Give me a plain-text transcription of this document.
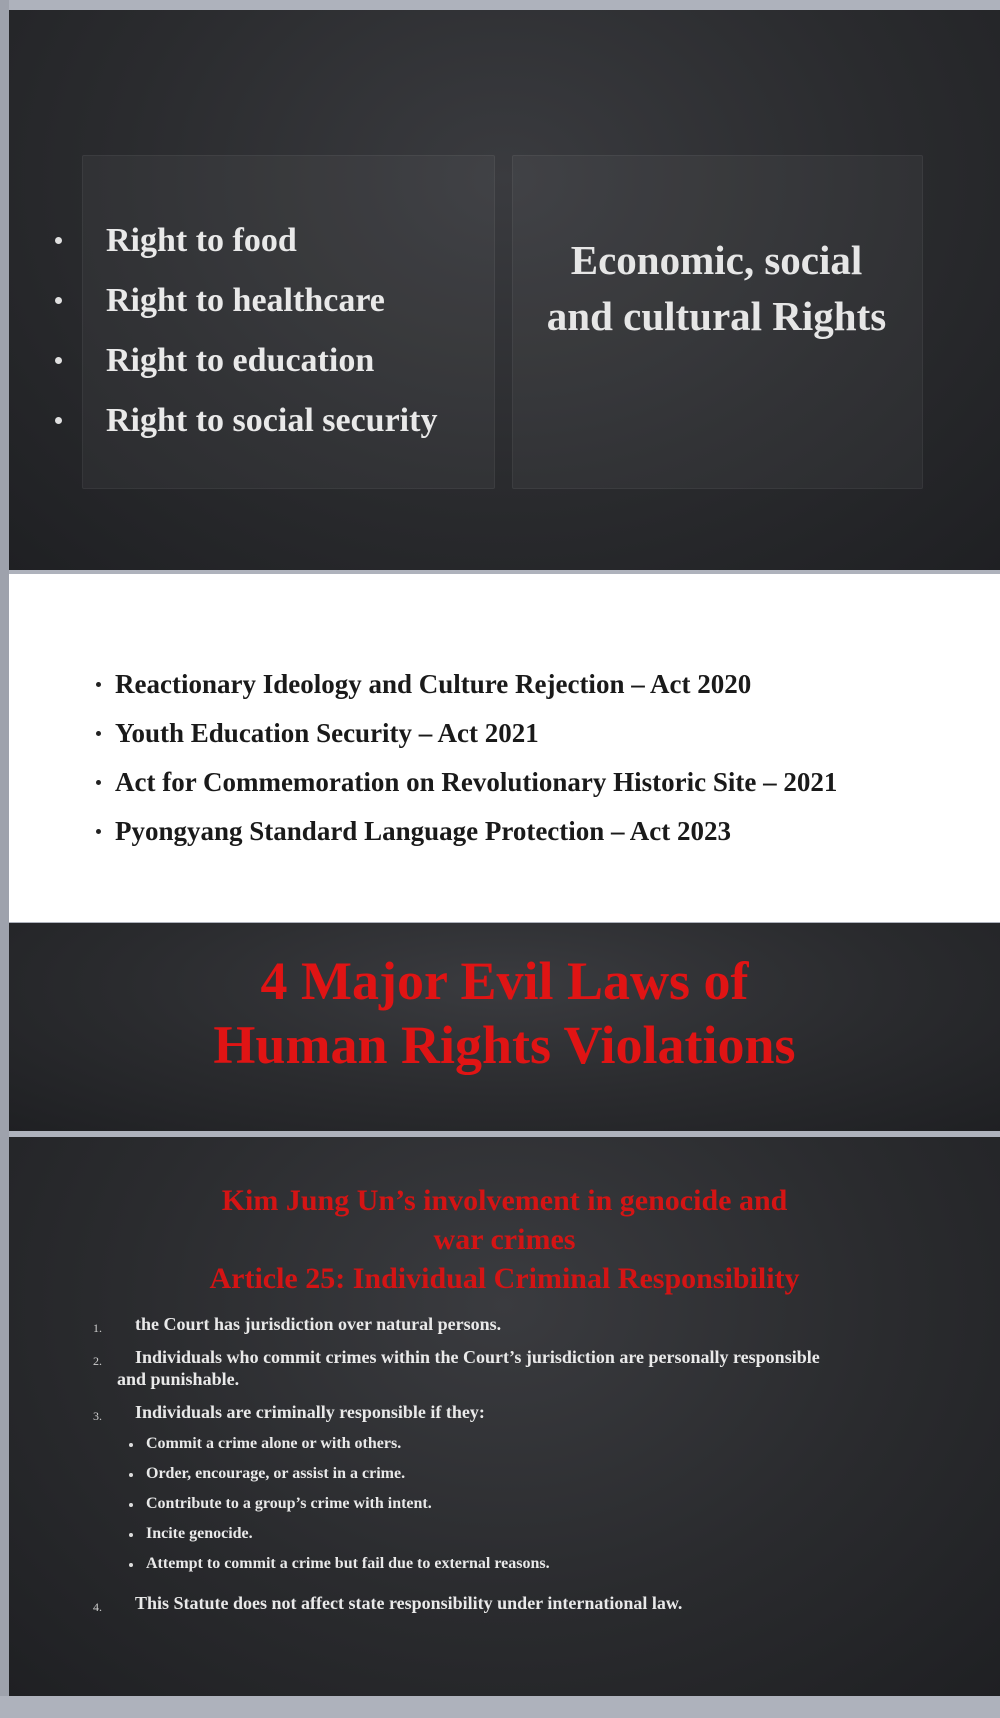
Right to food
Right to healthcare
Right to education
Right to social security
Economic, social
and cultural Rights
Reactionary Ideology and Culture Rejection – Act 2020
Youth Education Security – Act 2021
Act for Commemoration on Revolutionary Historic Site – 2021
Pyongyang Standard Language Protection – Act 2023
4 Major Evil Laws of
Human Rights Violations
Kim Jung Un’s involvement in genocide and
war crimes
Article 25: Individual Criminal Responsibility
1.	the Court has jurisdiction over natural persons.
2.	Individuals who commit crimes within the Court’s jurisdiction are personally responsible and punishable.
3.	Individuals are criminally responsible if they:
Commit a crime alone or with others.
Order, encourage, or assist in a crime.
Contribute to a group’s crime with intent.
Incite genocide.
Attempt to commit a crime but fail due to external reasons.
4.	This Statute does not affect state responsibility under international law.
